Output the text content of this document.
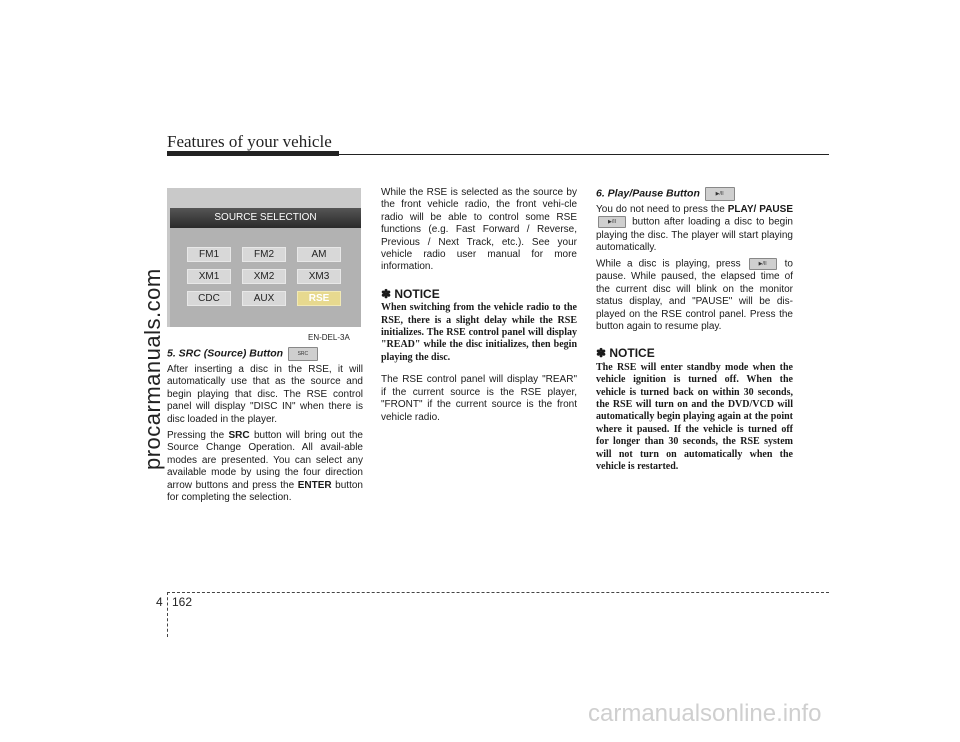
Features of your vehicle
procarmanuals.com
carmanualsonline.info
SOURCE SELECTION
FM1	FM2	AM
XM1	XM2	XM3
CDC	AUX	RSE
EN-DEL-3A
5. SRC (Source) Button	SRC

After inserting a disc in the RSE, it will automatically use that as the source and begin playing that disc. The RSE control panel will display "DISC IN" when there is disc loaded in the player.

Pressing the SRC button will bring out the Source Change Operation. All avail-able modes are presented. You can select any available mode by using the four direction arrow buttons and press the ENTER button for completing the selection.

While the RSE is selected as the source by the front vehicle radio, the front vehi-cle radio will be able to control some RSE functions (e.g. Fast Forward / Reverse, Previous / Next Track, etc.). See your vehicle radio user manual for more information.

✽ NOTICE
When switching from the vehicle radio to the RSE, there is a slight delay while the RSE initializes. The RSE control panel will display "READ" while the disc initializes, then begin playing the disc.

The RSE control panel will display "REAR" if the current source is the RSE player, "FRONT" if the current source is the front vehicle radio.

6. Play/Pause Button	▶/II

You do not need to press the PLAY/ PAUSE▶/II button after loading a disc to begin playing the disc. The player will start playing automatically.

While a disc is playing, press ▶/II to pause. While paused, the elapsed time of the current disc will blink on the monitor status display, and "PAUSE" will be dis-played on the RSE control panel. Press the button again to resume play.

✽ NOTICE
The RSE will enter standby mode when the vehicle ignition is turned off. When the vehicle is turned back on within 30 seconds, the RSE will turn on and the DVD/VCD will automatically begin playing again at the point where it paused. If the vehicle is turned off for longer than 30 seconds, the RSE system will not turn on automatically when the vehicle is restarted.
4 162
